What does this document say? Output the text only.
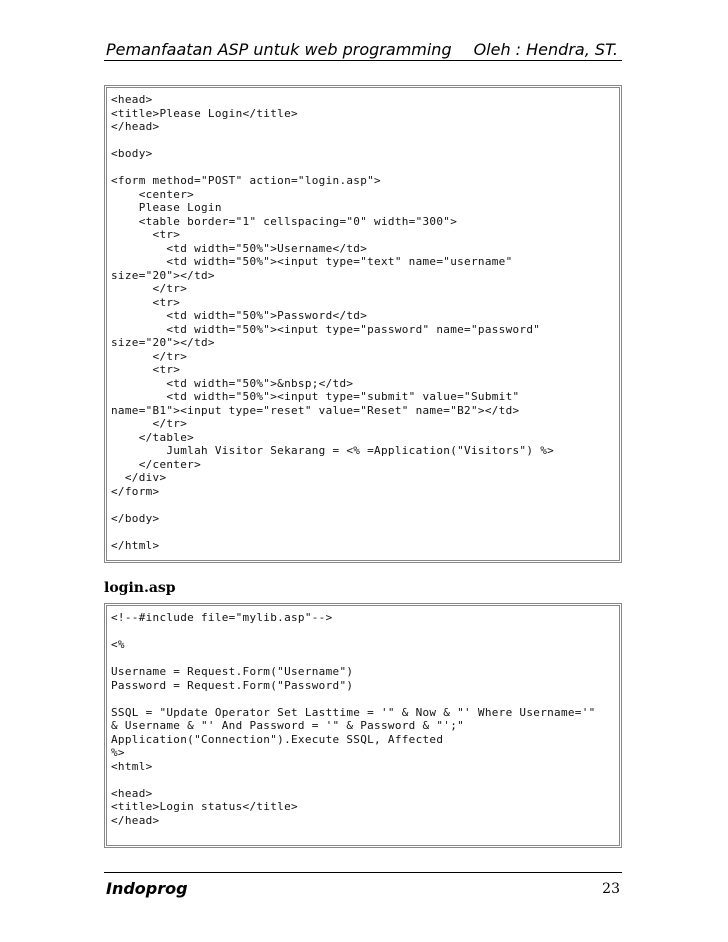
Pemanfaatan ASP untuk web programming Oleh : Hendra, ST.
<head>
<title>Please Login</title>
</head>
<body>
<form method="POST" action="login.asp">
<center>
Please Login
<table border="1" cellspacing="0" width="300">
<tr>
<td width="50%">Username</td>
<td width="50%"><input type="text" name="username"
size="20"></td>
</tr>
<tr>
<td width="50%">Password</td>
<td width="50%"><input type="password" name="password"
size="20"></td>
</tr>
<tr>
<td width="50%">&nbsp;</td>
<td width="50%"><input type="submit" value="Submit"
name="B1"><input type="reset" value="Reset" name="B2"></td>
</tr>
</table>
Jumlah Visitor Sekarang = <% =Application("Visitors") %>
</center>
</div>
</form>
</body>
</html>
login.asp
<!--#include file="mylib.asp"-->
<%
Username = Request.Form("Username")
Password = Request.Form("Password")
SSQL = "Update Operator Set Lasttime = '" & Now & "' Where Username='"
& Username & "' And Password = '" & Password & "';"
Application("Connection").Execute SSQL, Affected
%>
<html>
<head>
<title>Login status</title>
</head>
Indoprog	23
